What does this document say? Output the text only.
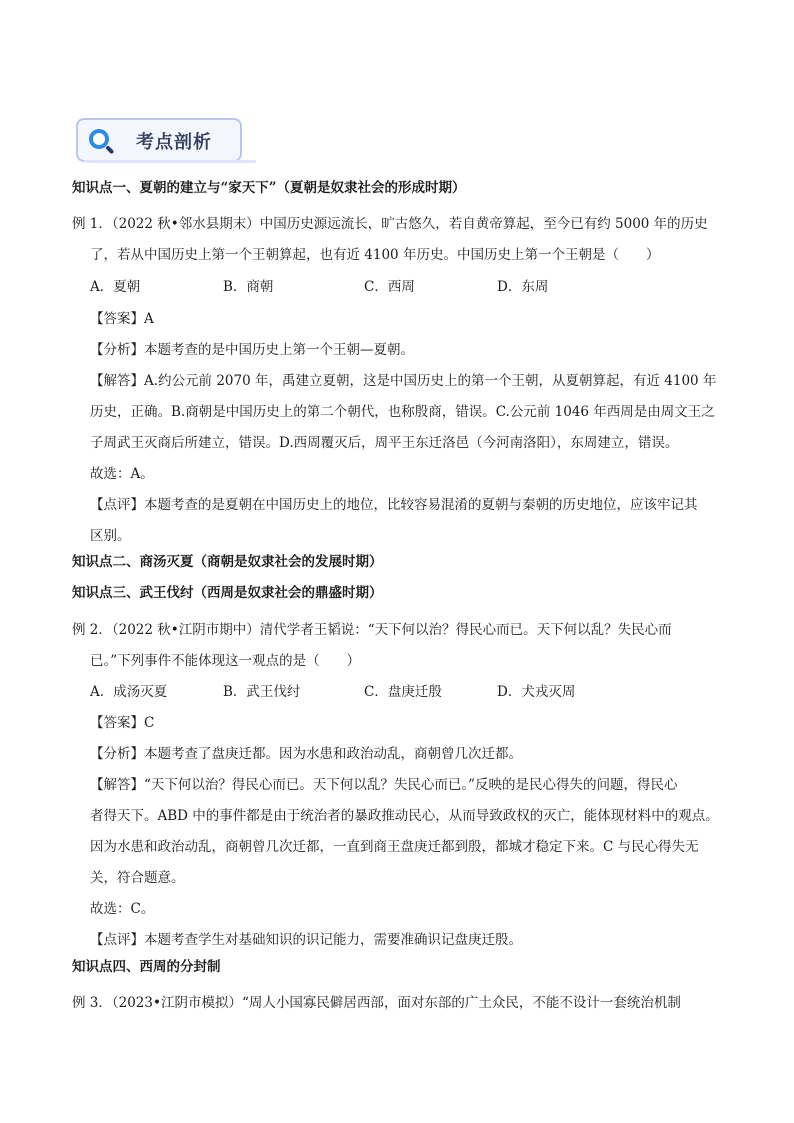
考点剖析
知识点一、夏朝的建立与“家天下”（夏朝是奴隶社会的形成时期）
例 1．（2022 秋•邻水县期末）中国历史源远流长，旷古悠久，若自黄帝算起，至今已有约 5000 年的历史
了，若从中国历史上第一个王朝算起，也有近 4100 年历史。中国历史上第一个王朝是（　　）
A．夏朝	B．商朝	C．西周	D．东周
【答案】A
【分析】本题考查的是中国历史上第一个王朝—夏朝。
【解答】A.约公元前 2070 年，禹建立夏朝，这是中国历史上的第一个王朝，从夏朝算起，有近 4100 年
历史，正确。B.商朝是中国历史上的第二个朝代，也称殷商，错误。C.公元前 1046 年西周是由周文王之
子周武王灭商后所建立，错误。D.西周覆灭后，周平王东迁洛邑（今河南洛阳），东周建立，错误。
故选：A。
【点评】本题考查的是夏朝在中国历史上的地位，比较容易混淆的夏朝与秦朝的历史地位，应该牢记其
区别。
知识点二、商汤灭夏（商朝是奴隶社会的发展时期）
知识点三、武王伐纣（西周是奴隶社会的鼎盛时期）
例 2．（2022 秋•江阴市期中）清代学者王韬说：“天下何以治？得民心而已。天下何以乱？失民心而
已。”下列事件不能体现这一观点的是（　　）
A．成汤灭夏	B．武王伐纣	C．盘庚迁殷	D．犬戎灭周
【答案】C
【分析】本题考查了盘庚迁都。因为水患和政治动乱，商朝曾几次迁都。
【解答】“天下何以治？得民心而已。天下何以乱？失民心而已。”反映的是民心得失的问题，得民心
者得天下。ABD 中的事件都是由于统治者的暴政推动民心，从而导致政权的灭亡，能体现材料中的观点。
因为水患和政治动乱，商朝曾几次迁都，一直到商王盘庚迁都到殷，都城才稳定下来。C 与民心得失无
关，符合题意。
故选：C。
【点评】本题考查学生对基础知识的识记能力，需要准确识记盘庚迁殷。
知识点四、西周的分封制
例 3．（2023•江阴市模拟）“周人小国寡民僻居西部，面对东部的广土众民，不能不设计一套统治机制
